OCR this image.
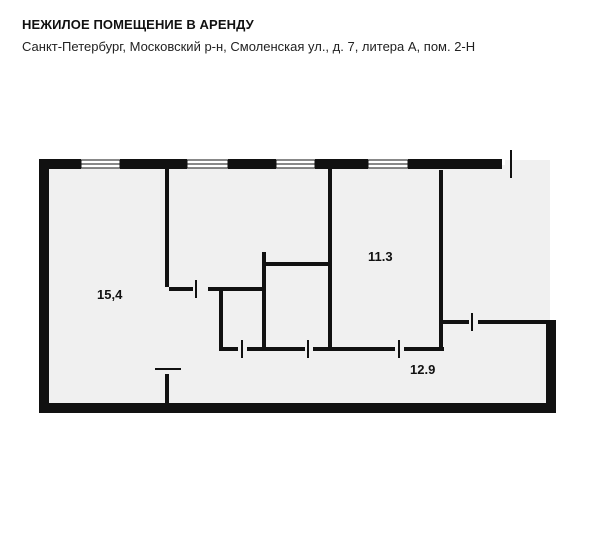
НЕЖИЛОЕ ПОМЕЩЕНИЕ В АРЕНДУ
Санкт-Петербург, Московский р-н, Смоленская ул., д. 7, литера А, пом. 2-Н
15,4
11.3
12.9
